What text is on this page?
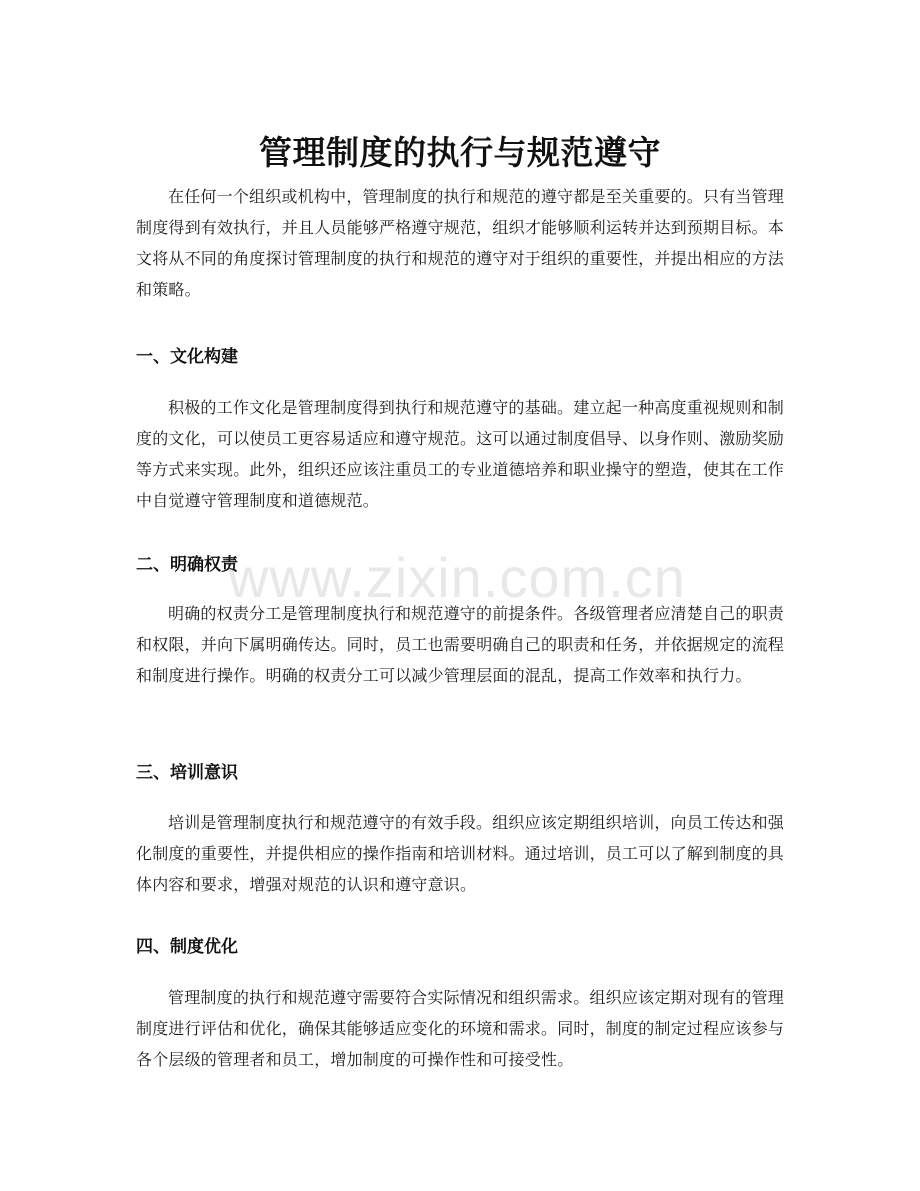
管理制度的执行与规范遵守

在任何一个组织或机构中，管理制度的执行和规范的遵守都是至关重要的。只有当管理制度得到有效执行，并且人员能够严格遵守规范，组织才能够顺利运转并达到预期目标。本文将从不同的角度探讨管理制度的执行和规范的遵守对于组织的重要性，并提出相应的方法和策略。

一、文化构建

积极的工作文化是管理制度得到执行和规范遵守的基础。建立起一种高度重视规则和制度的文化，可以使员工更容易适应和遵守规范。这可以通过制度倡导、以身作则、激励奖励等方式来实现。此外，组织还应该注重员工的专业道德培养和职业操守的塑造，使其在工作中自觉遵守管理制度和道德规范。

二、明确权责

明确的权责分工是管理制度执行和规范遵守的前提条件。各级管理者应清楚自己的职责和权限，并向下属明确传达。同时，员工也需要明确自己的职责和任务，并依据规定的流程和制度进行操作。明确的权责分工可以减少管理层面的混乱，提高工作效率和执行力。

三、培训意识

培训是管理制度执行和规范遵守的有效手段。组织应该定期组织培训，向员工传达和强化制度的重要性，并提供相应的操作指南和培训材料。通过培训，员工可以了解到制度的具体内容和要求，增强对规范的认识和遵守意识。

四、制度优化

管理制度的执行和规范遵守需要符合实际情况和组织需求。组织应该定期对现有的管理制度进行评估和优化，确保其能够适应变化的环境和需求。同时，制度的制定过程应该参与各个层级的管理者和员工，增加制度的可操作性和可接受性。

www.zixin.com.cn
